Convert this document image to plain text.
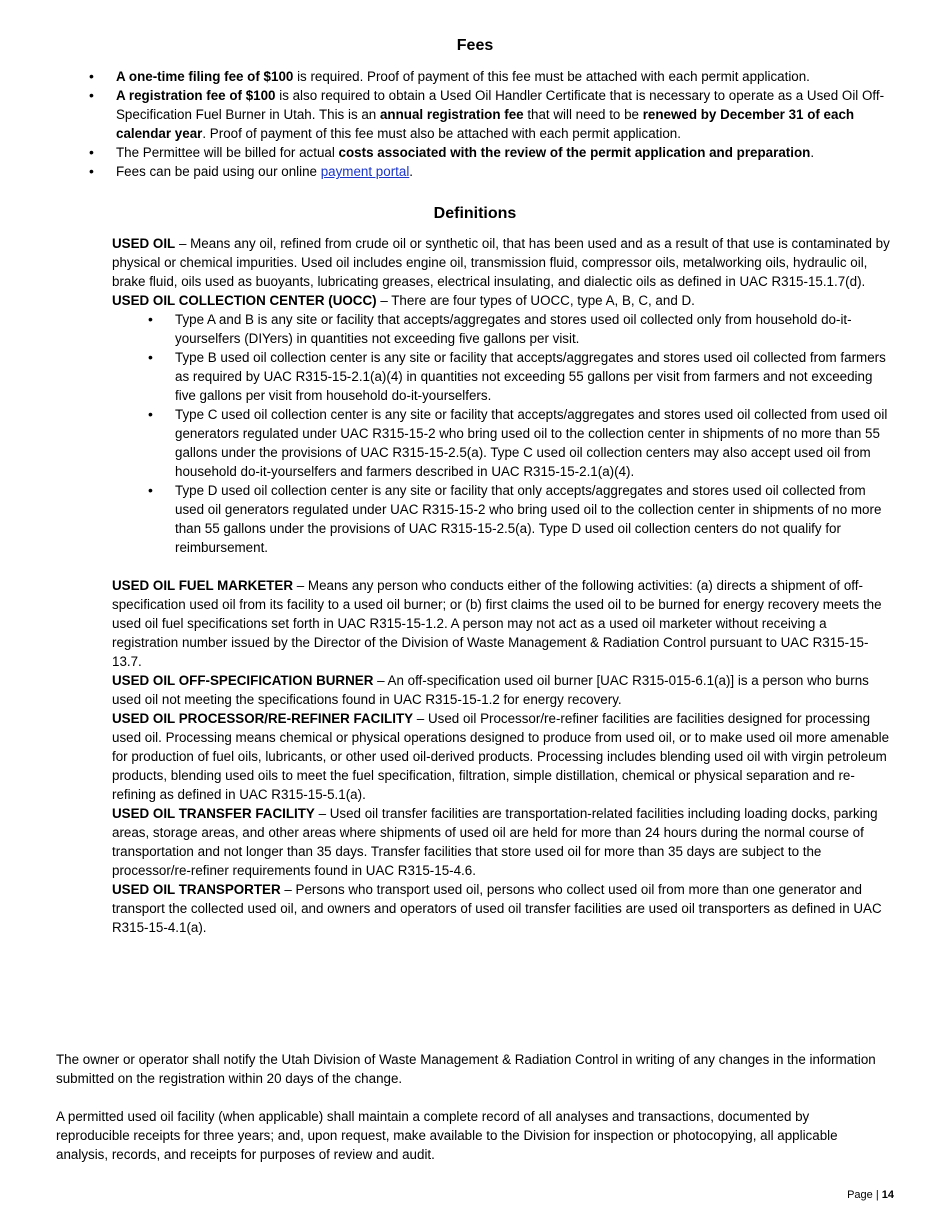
Fees
• A one-time filing fee of $100 is required. Proof of payment of this fee must be attached with each permit application.
• A registration fee of $100 is also required to obtain a Used Oil Handler Certificate that is necessary to operate as a Used Oil Off-Specification Fuel Burner in Utah. This is an annual registration fee that will need to be renewed by December 31 of each calendar year. Proof of payment of this fee must also be attached with each permit application.
• The Permittee will be billed for actual costs associated with the review of the permit application and preparation.
• Fees can be paid using our online payment portal.
Definitions

USED OIL – Means any oil, refined from crude oil or synthetic oil, that has been used and as a result of that use is contaminated by physical or chemical impurities. Used oil includes engine oil, transmission fluid, compressor oils, metalworking oils, hydraulic oil, brake fluid, oils used as buoyants, lubricating greases, electrical insulating, and dialectic oils as defined in UAC R315-15.1.7(d).

USED OIL COLLECTION CENTER (UOCC) – There are four types of UOCC, type A, B, C, and D.

• Type A and B is any site or facility that accepts/aggregates and stores used oil collected only from household do-it-yourselfers (DIYers) in quantities not exceeding five gallons per visit.
• Type B used oil collection center is any site or facility that accepts/aggregates and stores used oil collected from farmers as required by UAC R315-15-2.1(a)(4) in quantities not exceeding 55 gallons per visit from farmers and not exceeding five gallons per visit from household do-it-yourselfers.
• Type C used oil collection center is any site or facility that accepts/aggregates and stores used oil collected from used oil generators regulated under UAC R315-15-2 who bring used oil to the collection center in shipments of no more than 55 gallons under the provisions of UAC R315-15-2.5(a). Type C used oil collection centers may also accept used oil from household do-it-yourselfers and farmers described in UAC R315-15-2.1(a)(4).
• Type D used oil collection center is any site or facility that only accepts/aggregates and stores used oil collected from used oil generators regulated under UAC R315-15-2 who bring used oil to the collection center in shipments of no more than 55 gallons under the provisions of UAC R315-15-2.5(a). Type D used oil collection centers do not qualify for reimbursement.

USED OIL FUEL MARKETER – Means any person who conducts either of the following activities: (a) directs a shipment of off-specification used oil from its facility to a used oil burner; or (b) first claims the used oil to be burned for energy recovery meets the used oil fuel specifications set forth in UAC R315-15-1.2. A person may not act as a used oil marketer without receiving a registration number issued by the Director of the Division of Waste Management & Radiation Control pursuant to UAC R315-15-13.7.

USED OIL OFF-SPECIFICATION BURNER – An off-specification used oil burner [UAC R315-015-6.1(a)] is a person who burns used oil not meeting the specifications found in UAC R315-15-1.2 for energy recovery.

USED OIL PROCESSOR/RE-REFINER FACILITY – Used oil Processor/re-refiner facilities are facilities designed for processing used oil. Processing means chemical or physical operations designed to produce from used oil, or to make used oil more amenable for production of fuel oils, lubricants, or other used oil-derived products. Processing includes blending used oil with virgin petroleum products, blending used oils to meet the fuel specification, filtration, simple distillation, chemical or physical separation and re-refining as defined in UAC R315-15-5.1(a).

USED OIL TRANSFER FACILITY – Used oil transfer facilities are transportation-related facilities including loading docks, parking areas, storage areas, and other areas where shipments of used oil are held for more than 24 hours during the normal course of transportation and not longer than 35 days. Transfer facilities that store used oil for more than 35 days are subject to the processor/re-refiner requirements found in UAC R315-15-4.6.

USED OIL TRANSPORTER – Persons who transport used oil, persons who collect used oil from more than one generator and transport the collected used oil, and owners and operators of used oil transfer facilities are used oil transporters as defined in UAC R315-15-4.1(a).

The owner or operator shall notify the Utah Division of Waste Management & Radiation Control in writing of any changes in the information submitted on the registration within 20 days of the change.

A permitted used oil facility (when applicable) shall maintain a complete record of all analyses and transactions, documented by reproducible receipts for three years; and, upon request, make available to the Division for inspection or photocopying, all applicable analysis, records, and receipts for purposes of review and audit.

Page | 14
